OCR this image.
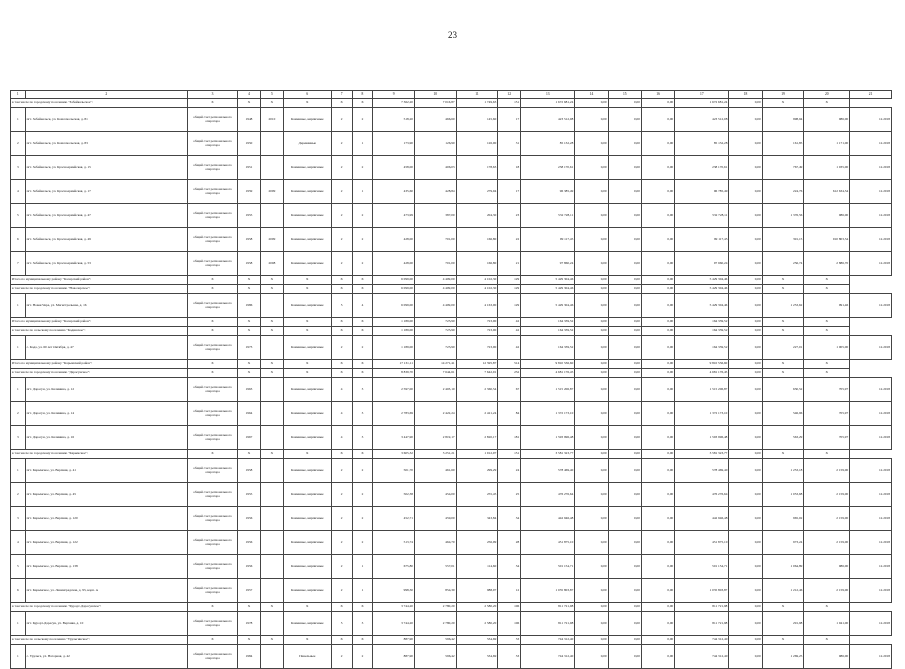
23
1	2	3	4	5	6	7	8	9	10	11	12	13	14	15	16	17	18	19	20	21
в том числе по городскому поселению "Забайкальское":		X	X	X	X	X	X	7 362,20	7 016,87	1 749,63	151	1 672 681,24	0,00	0,00	0,00	1 672 681,24	0,00	X	X	
1	пгт. Забайкальск, ул. Комсомольская, д. 81	общий счет регионального оператора	1948	2010	Каменные, кирпичные	2	2	518,20	466,60	145,60	17	423 512,08	0,00	0,00	0,00	423 512,08	0,00	998,94	986,00	12.2018
2	пгт. Забайкальск, ул. Комсомольская, д. 83	общий счет регионального оператора	1950		Деревянные	2	1	173,90	126,90	126,90	31	85 132,28	0,00	0,00	0,00	85 132,28	0,00	161,85	1 171,00	12.2018
3	пгт. Забайкальск, ул. Красноармейская, д. 15	общий счет регионального оператора	1951		Каменные, кирпичные	2	2	458,00	406,03	178,63	18	238 170,61	0,00	0,00	0,00	238 170,61	0,00	767,49	1 035,00	12.2018
4	пгт. Забайкальск, ул. Красноармейская, д. 17	общий счет регионального оператора	1959	2009	Каменные, кирпичные	2	1	435,60	428,84	279,94	17	96 385,49	0,00	0,00	0,00	96 785,49	0,00	224,76	612 634,34	12.2018
5	пгт. Забайкальск, ул. Красноармейская, д. 47	общий счет регионального оператора	1955		Каменные, кирпичные	2	2	473,99	387,00	204,30	23	532 728,11	0,00	0,00	0,00	532 728,11	0,00	1 376,56	986,00	12.2018
6	пгт. Забайкальск, ул. Красноармейская, д. 49	общий счет регионального оператора	1958	2009	Каменные, кирпичные	2	2	428,00	701,00	166,80	22	99 117,45	0,00	0,00	0,00	99 117,45	0,00	391,15	910 803,34	12.2018
7	пгт. Забайкальск, ул. Красноармейская, д. 53	общий счет регионального оператора	1958	2008	Каменные, кирпичные	2	2	428,00	701,00	166,80	21	97 860,24	0,00	0,00	0,00	97 660,24	0,00	256,74	2 886,70	12.2018
Итого по муниципальному району "Каларский район":		X	X	X	X	X	X	6 099,00	4 409,00	4 102,30	129	5 429 304,46	0,00	0,00	0,00	5 429 304,46	0,00	X	X	
в том числе по городскому поселению "Новочарское":		X	X	X	X	X	X	6 099,00	4 409,00	4 102,30	129	5 429 304,46	0,00	0,00	0,00	5 429 304,46	0,00	X	X	
1	пгт. Новая Чара, ул. Магистральная, д. 16	общий счет регионального оператора	1986		Каменные, кирпичные	5	4	6 099,00	4 409,00	4 163,90	129	5 429 304,46	0,00	0,00	0,00	5 429 304,46	0,00	1 253,62	991,46	12.2018
Итого по муниципальному району "Каларский район":		X	X	X	X	X	X	1 189,00	723,90	723,90	42	164 339,52	0,00	0,00	0,00	164 339,52	0,00	X	X	
в том числе по сельскому поселению "Кадинское":		X	X	X	X	X	X	1 189,00	723,90	723,90	42	164 339,52	0,00	0,00	0,00	164 339,52	0,00	X	X	
1	с. Када, ул. 60 лет Октября, д. 47	общий счет регионального оператора	1973		Каменные, кирпичные	2	2	1 189,00	723,90	723,90	42	164 339,52	0,00	0,00	0,00	164 339,52	0,00	227,01	1 005,00	12.2018
Итого по муниципальному району "Карымский район":		X	X	X	X	X	X	17 131,11	14 271,41	12 595,87	514	9 810 536,60	0,00	0,00	0,00	9 810 536,60	0,00	X	X	
в том числе по городскому поселению "Дарасунское":		X	X	X	X	X	X	8 839,70	7 644,61	7 642,91	232	4 681 176,45	0,00	0,00	0,00	4 681 176,45	0,00	X	X	
1	пгт. Дарасун, ул. Калинина, д. 12	общий счет регионального оператора	1963		Каменные, кирпичные	4	3	2 597,00	2 403,10	2 360,54	67	1 515 206,87	0,00	0,00	0,00	1 515 206,87	0,00	630,52	705,97	12.2018
2	пгт. Дарасун, ул. Калинина, д. 14	общий счет регионального оператора	1964		Каменные, кирпичные	4	3	2 783,69	2 422,24	2 421,24	84	1 372 173,10	0,00	0,00	0,00	1 372 173,10	0,00	546,96	705,97	12.2018
3	пгт. Дарасун, ул. Калинина, д. 16	общий счет регионального оператора	1967		Каменные, кирпичные	4	3	3 447,90	2 819,17	2 820,17	181	1 593 996,48	0,00	0,00	0,00	1 593 996,48	0,00	563,29	705,97	12.2018
в том числе по городскому поселению "Карымское":		X	X	X	X	X	X	3 605,32	3 251,21	1 912,97	151	3 581 323,77	0,00	0,00	0,00	3 581 323,77	0,00	X	X	
1	пгт. Карымское, ул. Верхняя, д. 41	общий счет регионального оператора	1958		Каменные, кирпичные	2	2	501,70	461,60	299,29	24	578 469,40	0,00	0,00	0,00	578 469,40	0,00	1 253,18	2 159,00	12.2018
2	пгт. Карымское, ул. Верхняя, д. 45	общий счет регионального оператора	1955		Каменные, кирпичные	2	2	502,38	454,00	255,45	25	476 276,64	0,00	0,00	0,00	476 276,64	0,00	1 053,68	2 159,00	12.2018
3	пгт. Карымское, ул. Верхняя, д. 120	общий счет регионального оператора	1956		Каменные, кирпичные	2	2	452,71	459,00	343,84	34	442 946,48	0,00	0,00	0,00	442 946,48	0,00	965,02	2 159,00	12.2018
4	пгт. Карымское, ул. Верхняя, д. 122	общий счет регионального оператора	1956		Каменные, кирпичные	2	2	513,74	464,70	256,99	28	451 875,10	0,00	0,00	0,00	451 875,10	0,00	973,24	2 159,00	12.2018
5	пгт. Карымское, ул. Верхняя, д. 138	общий счет регионального оператора	1956		Каменные, кирпичные	2	1	675,80	557,01	114,60	34	501 154,71	0,00	0,00	0,00	501 154,71	0,00	1 064,89	986,00	12.2018
6	пгт. Карымское, ул. Ленинградская, д. 93, корп. А	общий счет регионального оператора	1957		Каменные, кирпичные	2	1	998,30	854,30	988,97	12	1 035 803,87	0,00	0,00	0,00	1 035 803,87	0,00	1 212,46	2 159,00	12.2018
в том числе по городскому поселению "Курорт-Дарасунское":		X	X	X	X	X	X	3 744,20	2 780,20	2 580,20	106	811 721,98	0,00	0,00	0,00	811 721,98	0,00	X	X	
1	пгт. Курорт-Дарасун, ул. Верхняя, д. 10	общий счет регионального оператора	1978		Каменные, кирпичные	5	3	3 744,20	2 780,20	2 580,20	106	811 721,98	0,00	0,00	0,00	811 721,98	0,00	291,98	1 941,00	12.2018
в том числе по сельскому поселению "Урульгинское":		X	X	X	X	X	X	887,90	596,42	534,69	33	744 312,40	0,00	0,00	0,00	744 312,40	0,00	X	X	
1	с. Урульга, ул. Нагорная, д. 42	общий счет регионального оператора	1984		Панельные	2	2	887,90	596,42	534,69	33	744 312,40	0,00	0,00	0,00	744 312,40	0,00	1 269,25	986,00	12.2018
